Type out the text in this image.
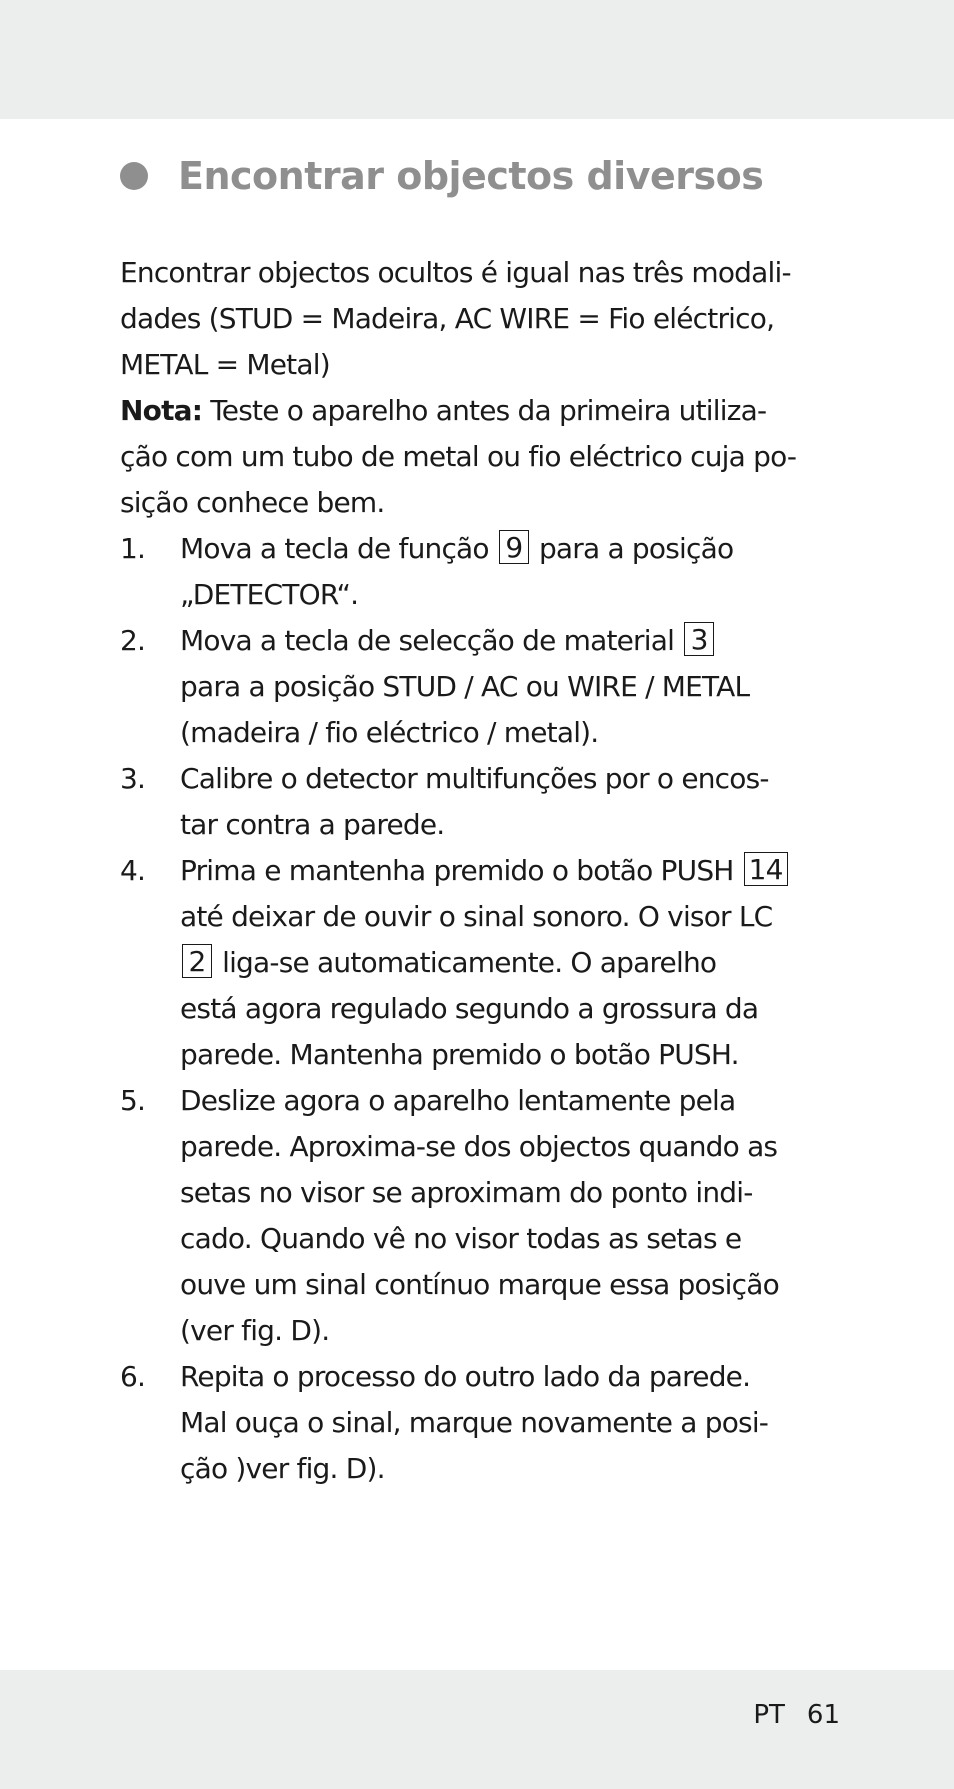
Encontrar objectos diversos
Encontrar objectos ocultos é igual nas três modali-
dades (STUD = Madeira, AC WIRE = Fio eléctrico,
METAL = Metal)
Nota: Teste o aparelho antes da primeira utiliza-
ção com um tubo de metal ou fio eléctrico cuja po-
sição conhece bem.
1. Mova a tecla de função 9 para a posição
„DETECTOR“.
2. Mova a tecla de selecção de material 3
para a posição STUD / AC ou WIRE / METAL
(madeira / fio eléctrico / metal).
3. Calibre o detector multifunções por o encos-
tar contra a parede.
4. Prima e mantenha premido o botão PUSH 14
até deixar de ouvir o sinal sonoro. O visor LC
2 liga-se automaticamente. O aparelho
está agora regulado segundo a grossura da
parede. Mantenha premido o botão PUSH.
5. Deslize agora o aparelho lentamente pela
parede. Aproxima-se dos objectos quando as
setas no visor se aproximam do ponto indi-
cado. Quando vê no visor todas as setas e
ouve um sinal contínuo marque essa posição
(ver fig. D).
6. Repita o processo do outro lado da parede.
Mal ouça o sinal, marque novamente a posi-
ção )ver fig. D).
PT 61
